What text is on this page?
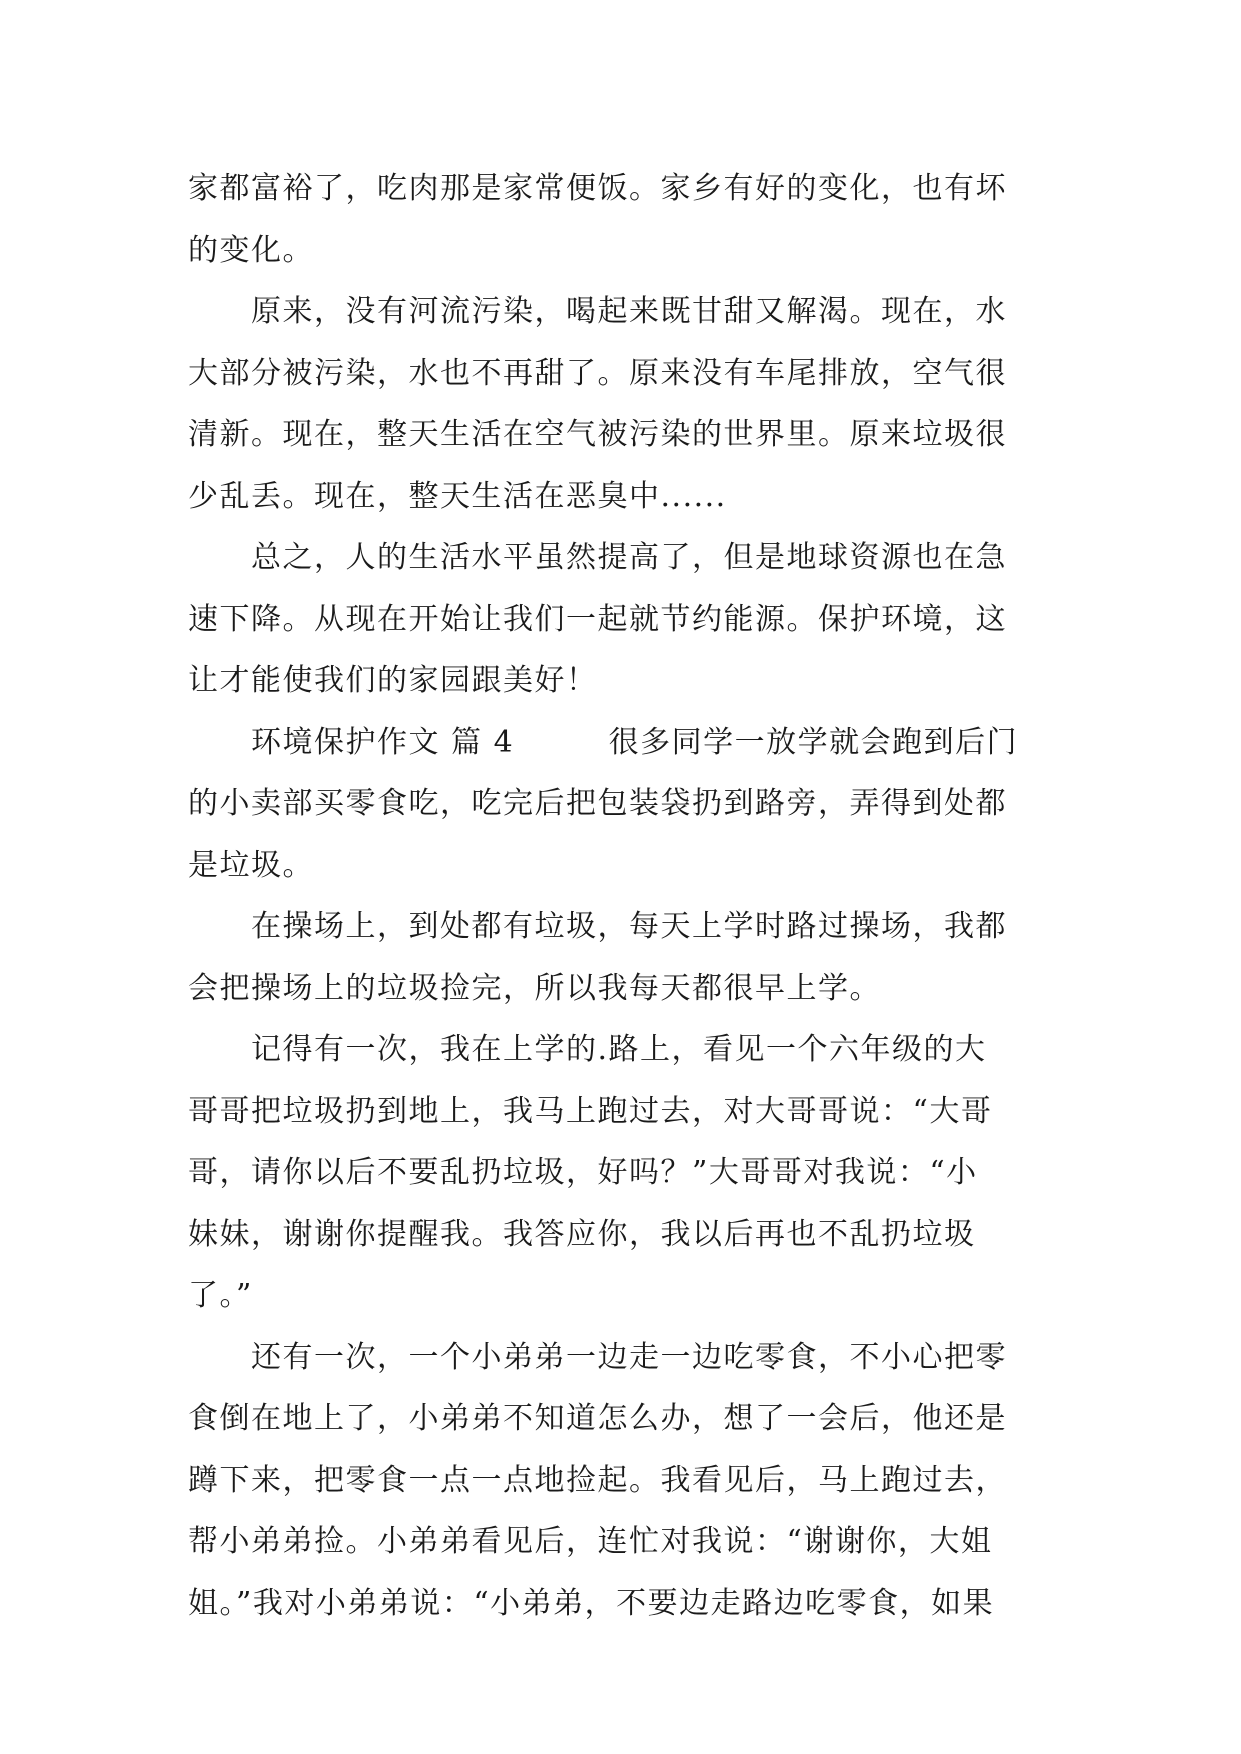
家都富裕了，吃肉那是家常便饭。家乡有好的变化，也有坏
的变化。
　　原来，没有河流污染，喝起来既甘甜又解渴。现在，水
大部分被污染，水也不再甜了。原来没有车尾排放，空气很
清新。现在，整天生活在空气被污染的世界里。原来垃圾很
少乱丢。现在，整天生活在恶臭中......
　　总之，人的生活水平虽然提高了，但是地球资源也在急
速下降。从现在开始让我们一起就节约能源。保护环境，这
让才能使我们的家园跟美好！
　　环境保护作文 篇 4　　　很多同学一放学就会跑到后门
的小卖部买零食吃，吃完后把包装袋扔到路旁，弄得到处都
是垃圾。
　　在操场上，到处都有垃圾，每天上学时路过操场，我都
会把操场上的垃圾捡完，所以我每天都很早上学。
　　记得有一次，我在上学的.路上，看见一个六年级的大
哥哥把垃圾扔到地上，我马上跑过去，对大哥哥说：“大哥
哥，请你以后不要乱扔垃圾，好吗？”大哥哥对我说：“小
妹妹，谢谢你提醒我。我答应你，我以后再也不乱扔垃圾
了。”
　　还有一次，一个小弟弟一边走一边吃零食，不小心把零
食倒在地上了，小弟弟不知道怎么办，想了一会后，他还是
蹲下来，把零食一点一点地捡起。我看见后，马上跑过去，
帮小弟弟捡。小弟弟看见后，连忙对我说：“谢谢你，大姐
姐。”我对小弟弟说：“小弟弟，不要边走路边吃零食，如果
